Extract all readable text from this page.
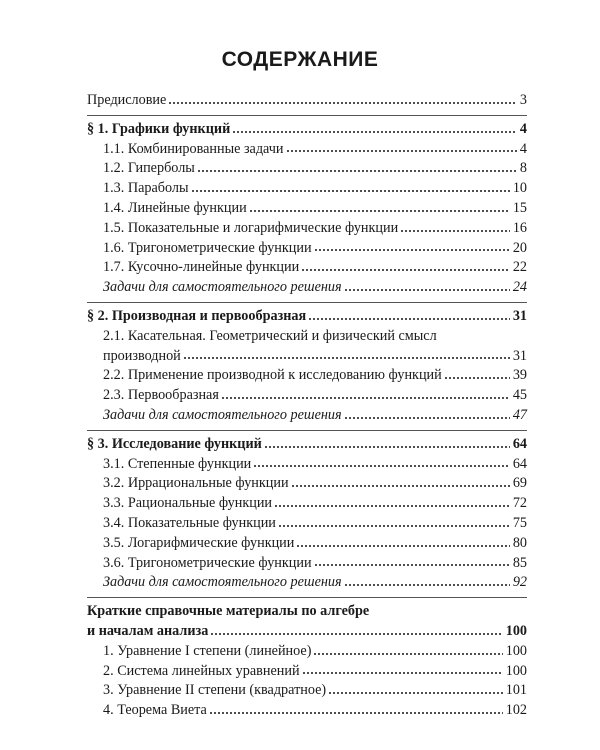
СОДЕРЖАНИЕ
Предисловие	3
§ 1. Графики функций	4
1.1. Комбинированные задачи	4
1.2. Гиперболы	8
1.3. Параболы	10
1.4. Линейные функции	15
1.5. Показательные и логарифмические функции	16
1.6. Тригонометрические функции	20
1.7. Кусочно-линейные функции	22
Задачи для самостоятельного решения	24
§ 2. Производная и первообразная	31
2.1. Касательная. Геометрический и физический смысл
производной	31
2.2. Применение производной к исследованию функций	39
2.3. Первообразная	45
Задачи для самостоятельного решения	47
§ 3. Исследование функций	64
3.1. Степенные функции	64
3.2. Иррациональные функции	69
3.3. Рациональные функции	72
3.4. Показательные функции	75
3.5. Логарифмические функции	80
3.6. Тригонометрические функции	85
Задачи для самостоятельного решения	92
Краткие справочные материалы по алгебре
и началам анализа	100
1. Уравнение I степени (линейное)	100
2. Система линейных уравнений	100
3. Уравнение II степени (квадратное)	101
4. Теорема Виета	102
